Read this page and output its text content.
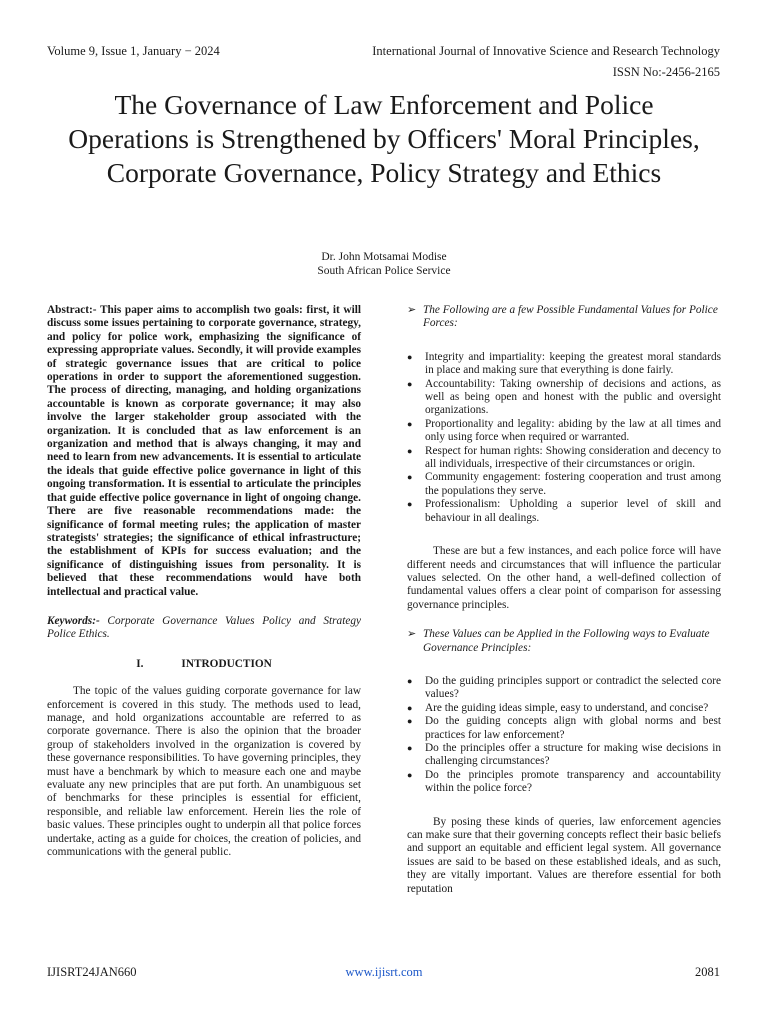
Volume 9, Issue 1, January − 2024	International Journal of Innovative Science and Research Technology
ISSN No:-2456-2165
The Governance of Law Enforcement and Police Operations is Strengthened by Officers' Moral Principles, Corporate Governance, Policy Strategy and Ethics
Dr. John Motsamai Modise
South African Police Service

Abstract:- This paper aims to accomplish two goals: first, it will discuss some issues pertaining to corporate governance, strategy, and policy for police work, emphasizing the significance of expressing appropriate values. Secondly, it will provide examples of strategic governance issues that are critical to police operations in order to support the aforementioned suggestion. The process of directing, managing, and holding organizations accountable is known as corporate governance; it may also involve the larger stakeholder group associated with the organization. It is concluded that as law enforcement is an organization and method that is always changing, it may and need to learn from new advancements. It is essential to articulate the ideals that guide effective police governance in light of this ongoing transformation. It is essential to articulate the principles that guide effective police governance in light of ongoing change. There are five reasonable recommendations made: the significance of formal meeting rules; the application of master strategists' strategies; the significance of ethical infrastructure; the establishment of KPIs for success evaluation; and the significance of distinguishing issues from personality. It is believed that these recommendations would have both intellectual and practical value.

Keywords:- Corporate Governance Values Policy and Strategy Police Ethics.

I.	INTRODUCTION

The topic of the values guiding corporate governance for law enforcement is covered in this study. The methods used to lead, manage, and hold organizations accountable are referred to as corporate governance. There is also the opinion that the broader group of stakeholders involved in the organization is covered by these governance responsibilities. To have governing principles, they must have a benchmark by which to measure each one and maybe evaluate any new principles that are put forth. An unambiguous set of benchmarks for these principles is essential for efficient, responsible, and reliable law enforcement. Herein lies the role of basic values. These principles ought to underpin all that police forces undertake, acting as a guide for choices, the creation of policies, and communications with the general public.

➢ The Following are a few Possible Fundamental Values for Police Forces:

●	Integrity and impartiality: keeping the greatest moral standards in place and making sure that everything is done fairly.
●	Accountability: Taking ownership of decisions and actions, as well as being open and honest with the public and oversight organizations.
●	Proportionality and legality: abiding by the law at all times and only using force when required or warranted.
●	Respect for human rights: Showing consideration and decency to all individuals, irrespective of their circumstances or origin.
●	Community engagement: fostering cooperation and trust among the populations they serve.
●	Professionalism: Upholding a superior level of skill and behaviour in all dealings.

These are but a few instances, and each police force will have different needs and circumstances that will influence the particular values selected. On the other hand, a well-defined collection of fundamental values offers a clear point of comparison for assessing governance principles.

➢ These Values can be Applied in the Following ways to Evaluate Governance Principles:

●	Do the guiding principles support or contradict the selected core values?
●	Are the guiding ideas simple, easy to understand, and concise?
●	Do the guiding concepts align with global norms and best practices for law enforcement?
●	Do the principles offer a structure for making wise decisions in challenging circumstances?
●	Do the principles promote transparency and accountability within the police force?

By posing these kinds of queries, law enforcement agencies can make sure that their governing concepts reflect their basic beliefs and support an equitable and efficient legal system. All governance issues are said to be based on these established ideals, and as such, they are vitally important. Values are therefore essential for both reputation

IJISRT24JAN660	www.ijisrt.com	2081
